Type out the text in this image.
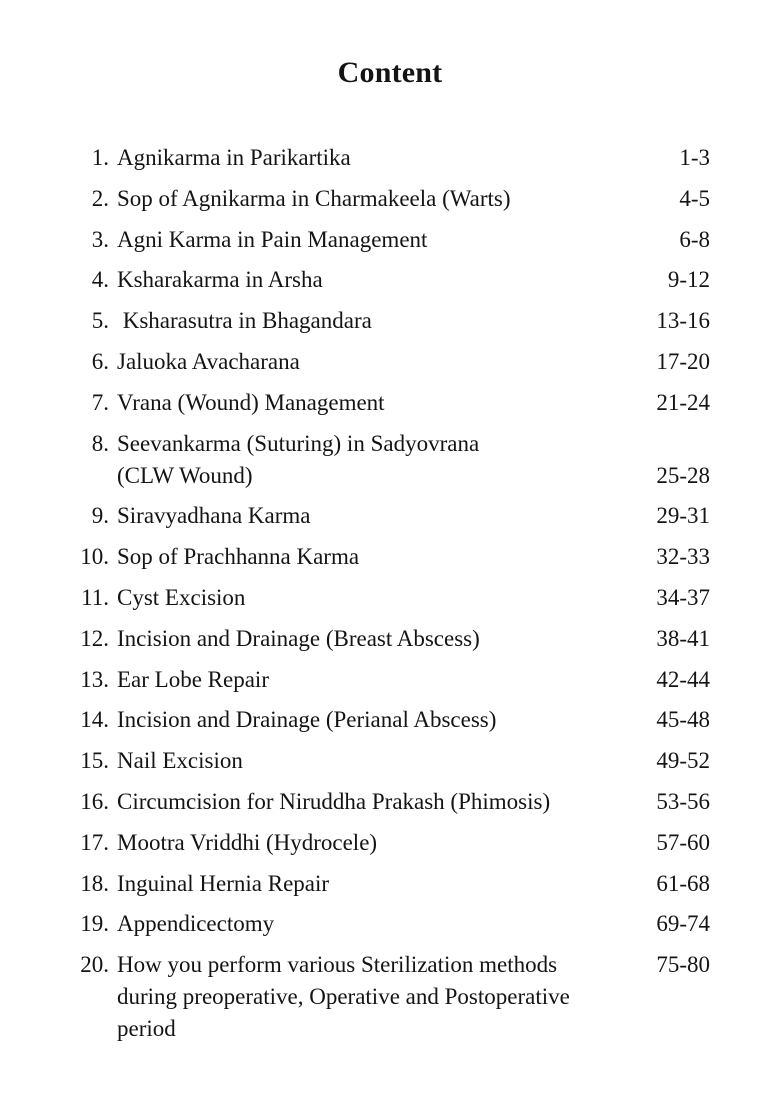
Content
1. Agnikarma in Parikartika	1-3
2. Sop of Agnikarma in Charmakeela (Warts)	4-5
3. Agni Karma in Pain Management	6-8
4. Ksharakarma in Arsha	9-12
5. Ksharasutra in Bhagandara	13-16
6. Jaluoka Avacharana	17-20
7. Vrana (Wound) Management	21-24
8. Seevankarma (Suturing) in Sadyovrana
(CLW Wound)	25-28
9. Siravyadhana Karma	29-31
10. Sop of Prachhanna Karma	32-33
11. Cyst Excision	34-37
12. Incision and Drainage (Breast Abscess)	38-41
13. Ear Lobe Repair	42-44
14. Incision and Drainage (Perianal Abscess)	45-48
15. Nail Excision	49-52
16. Circumcision for Niruddha Prakash (Phimosis)	53-56
17. Mootra Vriddhi (Hydrocele)	57-60
18. Inguinal Hernia Repair	61-68
19. Appendicectomy	69-74
20. How you perform various Sterilization methods
during preoperative, Operative and Postoperative
period
75-80
